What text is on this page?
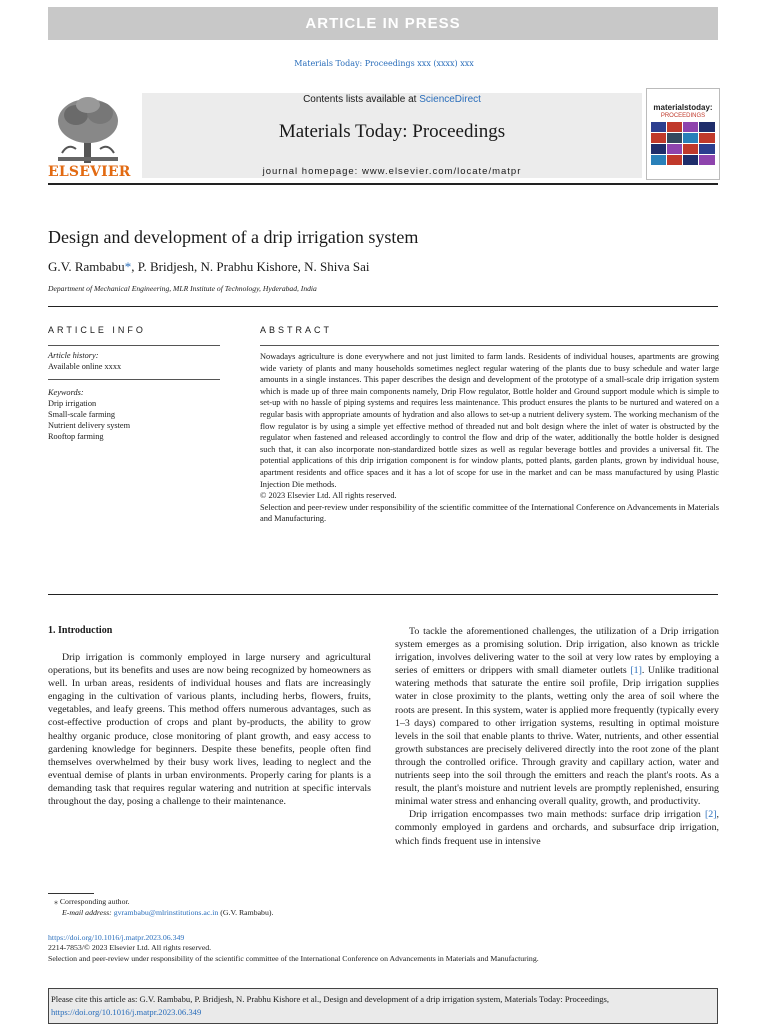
ARTICLE IN PRESS
Materials Today: Proceedings xxx (xxxx) xxx
ELSEVIER
Contents lists available at ScienceDirect
Materials Today: Proceedings
journal homepage: www.elsevier.com/locate/matpr
materialstoday:
PROCEEDINGS
Design and development of a drip irrigation system
G.V. Rambabu*, P. Bridjesh, N. Prabhu Kishore, N. Shiva Sai
Department of Mechanical Engineering, MLR Institute of Technology, Hyderabad, India
ARTICLE INFO
Article history:
Available online xxxx
Keywords:
Drip irrigation
Small-scale farming
Nutrient delivery system
Rooftop farming
ABSTRACT

Nowadays agriculture is done everywhere and not just limited to farm lands. Residents of individual houses, apartments are growing wide variety of plants and many households sometimes neglect regular watering of the plants due to busy schedule and water large amounts in a single instances. This paper describes the design and development of the prototype of a small-scale drip irrigation system which is made up of three main components namely, Drip Flow regulator, Bottle holder and Ground support module which is simple to set-up with no hassle of piping systems and requires less maintenance. This product ensures the plants to be nurtured and watered on a regular basis with appropriate amounts of hydration and also allows to set-up a nutrient delivery system. The working mechanism of the flow regulator is by using a simple yet effective method of threaded nut and bolt design where the inlet of water is obstructed by the regulator when fastened and released accordingly to control the flow and drip of the water, additionally the bottle holder is designed such that, it can also incorporate non-standardized bottle sizes as well as regular beverage bottles and provides a universal fit. The potential applications of this drip irrigation component is for window plants, potted plants, garden plants, grown by individual house, apartment residents and office spaces and it has a lot of scope for use in the market and can be mass manufactured by using Plastic Injection Die methods.

© 2023 Elsevier Ltd. All rights reserved.

Selection and peer-review under responsibility of the scientific committee of the International Conference on Advancements in Materials and Manufacturing.

1. Introduction

Drip irrigation is commonly employed in large nursery and agricultural operations, but its benefits and uses are now being recognized by homeowners as well. In urban areas, residents of individual houses and flats are increasingly engaging in the cultivation of various plants, including herbs, flowers, fruits, vegetables, and leafy greens. This method offers numerous advantages, such as cost-effective production of crops and plant by-products, the ability to grow healthy organic produce, close monitoring of plant growth, and easy access to gardening knowledge for beginners. Despite these benefits, people often find themselves overwhelmed by their busy work lives, leading to neglect and the eventual demise of plants in urban environments. Properly caring for plants is a demanding task that requires regular watering and nutrition at specific intervals throughout the day, posing a challenge to their maintenance.

To tackle the aforementioned challenges, the utilization of a Drip irrigation system emerges as a promising solution. Drip irrigation, also known as trickle irrigation, involves delivering water to the soil at very low rates by employing a series of emitters or drippers with small diameter outlets [1]. Unlike traditional watering methods that saturate the entire soil profile, Drip irrigation supplies water in close proximity to the plants, wetting only the area of soil where the roots are present. In this system, water is applied more frequently (typically every 1–3 days) compared to other irrigation systems, resulting in optimal moisture levels in the soil that enable plants to thrive. Water, nutrients, and other essential growth substances are precisely delivered directly into the root zone of the plant through the controlled orifice. Through gravity and capillary action, water and nutrients seep into the soil through the emitters and reach the plant's roots. As a result, the plant's moisture and nutrient levels are promptly replenished, ensuring minimal water stress and enhancing overall quality, growth, and productivity.

Drip irrigation encompasses two main methods: surface drip irrigation [2], commonly employed in gardens and orchards, and subsurface drip irrigation, which finds frequent use in intensive

⁎ Corresponding author.
E-mail address: gvrambabu@mlrinstitutions.ac.in (G.V. Rambabu).
https://doi.org/10.1016/j.matpr.2023.06.349
2214-7853/© 2023 Elsevier Ltd. All rights reserved.
Selection and peer-review under responsibility of the scientific committee of the International Conference on Advancements in Materials and Manufacturing.
Please cite this article as: G.V. Rambabu, P. Bridjesh, N. Prabhu Kishore et al., Design and development of a drip irrigation system, Materials Today: Proceedings, https://doi.org/10.1016/j.matpr.2023.06.349
